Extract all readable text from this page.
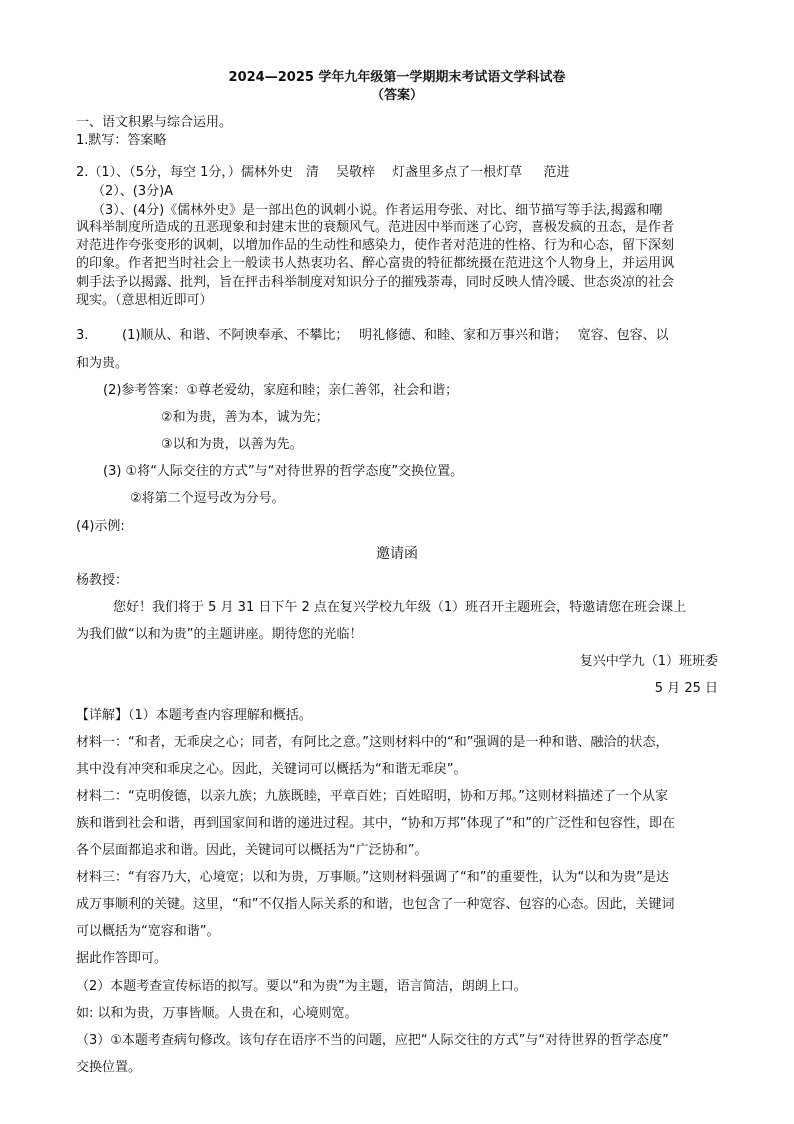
2024—2025 学年九年级第一学期期末考试语文学科试卷
（答案）
一、语文积累与综合运用。
1.默写：答案略
2.（1）、（5分，每空 1分，）儒林外史　清　 吴敬梓　 灯盏里多点了一根灯草　  范进
（2）、(3分)A
（3）、(4分)《儒林外史》是一部出色的讽刺小说。作者运用夸张、对比、细节描写等手法,揭露和嘲
讽科举制度所造成的丑恶现象和封建末世的衰颓风气。范进因中举而迷了心窍，喜极发疯的丑态，是作者
对范进作夸张变形的讽刺，以增加作品的生动性和感染力，使作者对范进的性格、行为和心态，留下深刻
的印象。作者把当时社会上一般读书人热衷功名、醉心富贵的特征都统摄在范进这个人物身上，并运用讽
刺手法予以揭露、批判，旨在抨击科举制度对知识分子的摧残荼毒，同时反映人情冷暖、世态炎凉的社会
现实。（意思相近即可）
3.	(1)顺从、和谐、不阿谀奉承、不攀比；　 明礼修德、和睦、家和万事兴和谐；　 宽容、包容、以
和为贵。
(2)参考答案：①尊老爱幼，家庭和睦；亲仁善邻，社会和谐；
②和为贵，善为本，诚为先；
③以和为贵，以善为先。
(3) ①将“人际交往的方式”与“对待世界的哲学态度”交换位置。
②将第二个逗号改为分号。
(4)示例:
邀请函
杨教授：
您好！我们将于 5 月 31 日下午 2 点在复兴学校九年级（1）班召开主题班会，特邀请您在班会课上
为我们做“以和为贵”的主题讲座。期待您的光临！
复兴中学九（1）班班委
5 月 25 日
【详解】（1）本题考查内容理解和概括。
材料一：“和者，无乖戾之心；同者，有阿比之意。”这则材料中的“和”强调的是一种和谐、融洽的状态，
其中没有冲突和乖戾之心。因此，关键词可以概括为“和谐无乖戾”。
材料二：“克明俊德，以亲九族；九族既睦，平章百姓；百姓昭明，协和万邦。”这则材料描述了一个从家
族和谐到社会和谐，再到国家间和谐的递进过程。其中，“协和万邦”体现了“和”的广泛性和包容性，即在
各个层面都追求和谐。因此，关键词可以概括为“广泛协和”。
材料三：“有容乃大，心境宽；以和为贵，万事顺。”这则材料强调了“和”的重要性，认为“以和为贵”是达
成万事顺利的关键。这里，“和”不仅指人际关系的和谐，也包含了一种宽容、包容的心态。因此，关键词
可以概括为“宽容和谐”。
据此作答即可。
（2）本题考查宣传标语的拟写。要以“和为贵”为主题，语言简洁，朗朗上口。
如: 以和为贵，万事皆顺。人贵在和，心境则宽。
（3）①本题考查病句修改。该句存在语序不当的问题，应把“人际交往的方式”与“对待世界的哲学态度”
交换位置。
